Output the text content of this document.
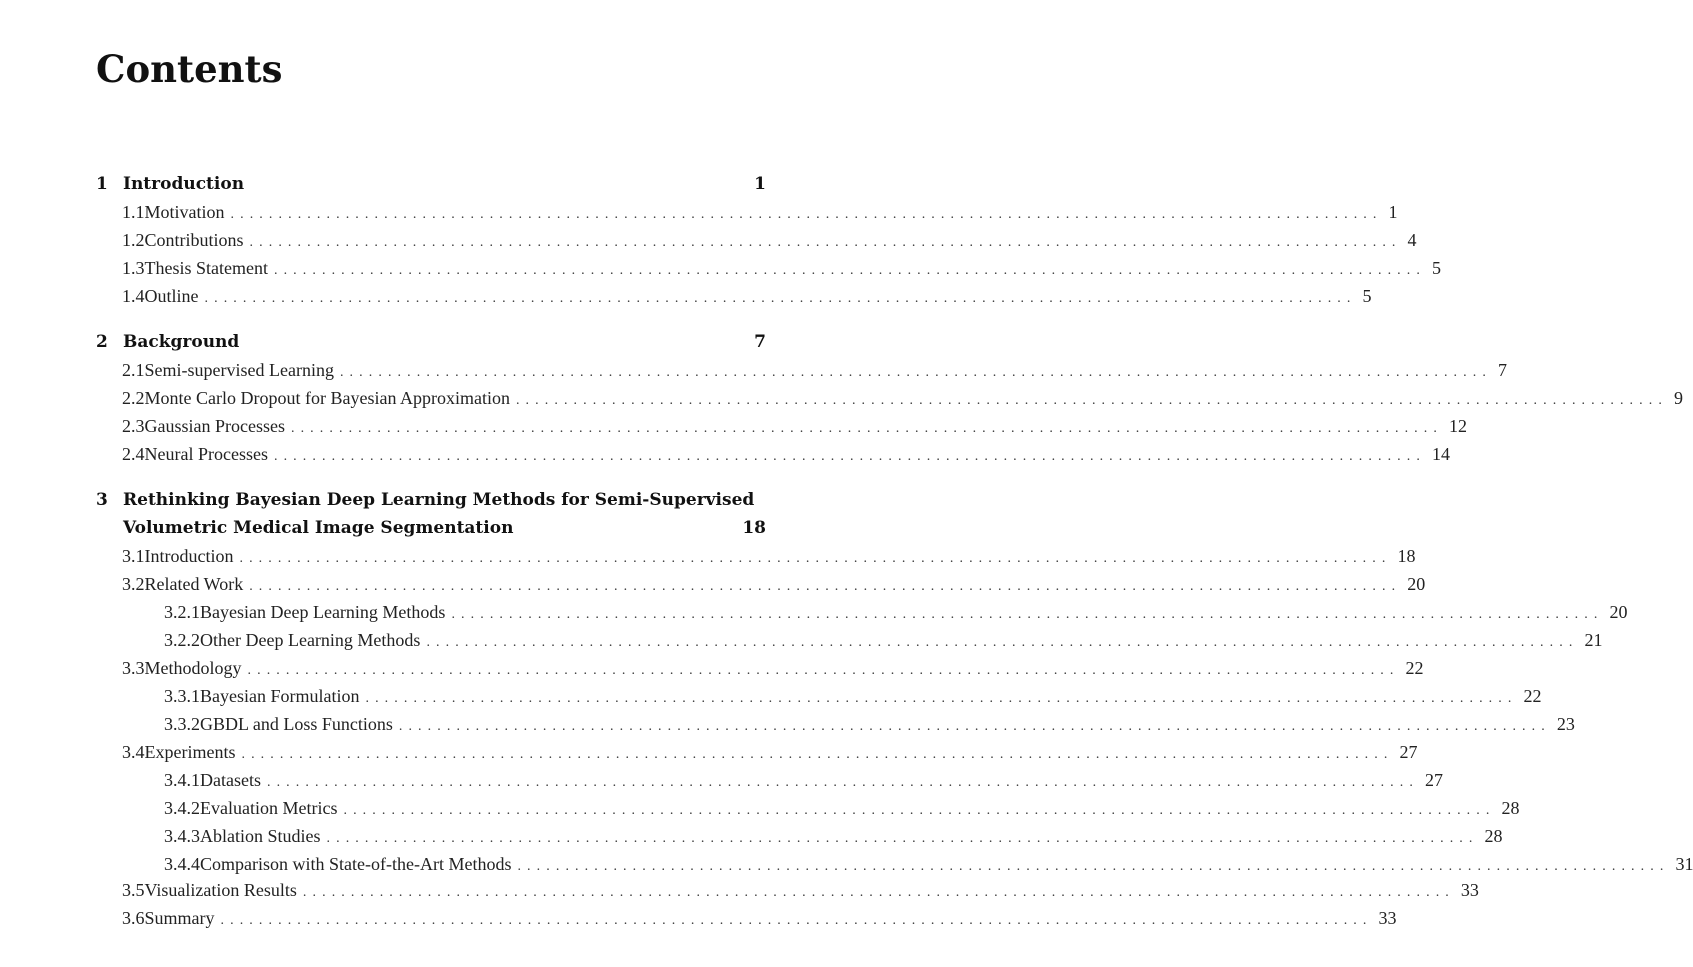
Contents
1 Introduction	1
1.1 Motivation ........................................................................................................................ 1
1.2 Contributions ........................................................................................................................ 4
1.3 Thesis Statement ........................................................................................................................ 5
1.4 Outline ........................................................................................................................ 5
2 Background	7
2.1 Semi-supervised Learning ........................................................................................................................ 7
2.2 Monte Carlo Dropout for Bayesian Approximation ........................................................................................................................ 9
2.3 Gaussian Processes ........................................................................................................................ 12
2.4 Neural Processes ........................................................................................................................ 14
3 Rethinking Bayesian Deep Learning Methods for Semi-Supervised
Volumetric Medical Image Segmentation	18
3.1 Introduction ........................................................................................................................ 18
3.2 Related Work ........................................................................................................................ 20
3.2.1 Bayesian Deep Learning Methods ........................................................................................................................ 20
3.2.2 Other Deep Learning Methods ........................................................................................................................ 21
3.3 Methodology ........................................................................................................................ 22
3.3.1 Bayesian Formulation ........................................................................................................................ 22
3.3.2 GBDL and Loss Functions ........................................................................................................................ 23
3.4 Experiments ........................................................................................................................ 27
3.4.1 Datasets ........................................................................................................................ 27
3.4.2 Evaluation Metrics ........................................................................................................................ 28
3.4.3 Ablation Studies ........................................................................................................................ 28
3.4.4 Comparison with State-of-the-Art Methods ........................................................................................................................ 31
3.5 Visualization Results ........................................................................................................................ 33
3.6 Summary ........................................................................................................................ 33
